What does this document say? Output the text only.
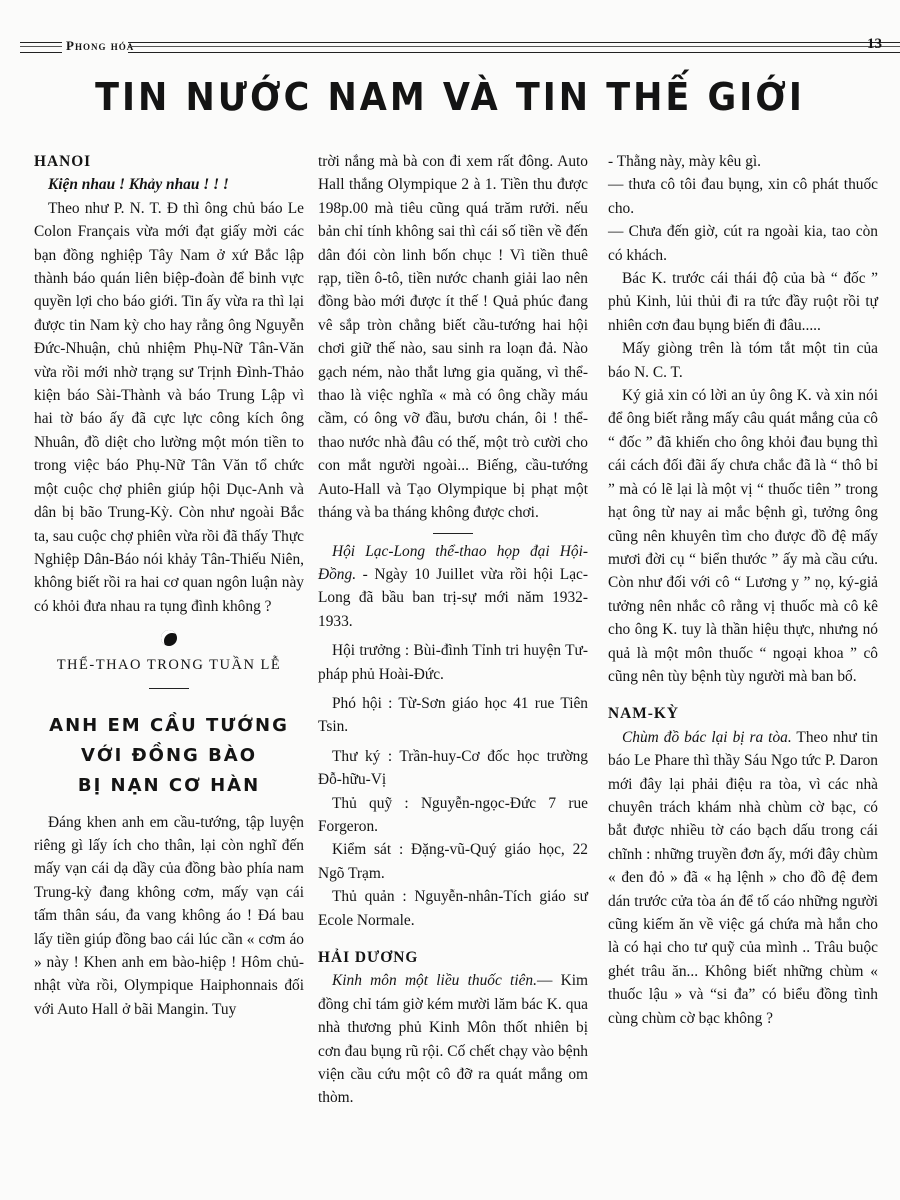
Phong hóa	13
TIN NƯỚC NAM VÀ TIN THẾ GIỚI

HANOI

Kiện nhau ! Khảy nhau ! ! !

Theo như P. N. T. Đ thì ông chủ báo Le Colon Français vừa mới đạt giấy mời các bạn đồng nghiệp Tây Nam ở xứ Bắc lập thành báo quán liên biệp-đoàn để binh vực quyền lợi cho báo giới. Tin ấy vừa ra thì lại được tin Nam kỳ cho hay rằng ông Nguyễn Đức-Nhuận, chủ nhiệm Phụ-Nữ Tân-Văn vừa rồi mới nhờ trạng sư Trịnh Đình-Thảo kiện báo Sài-Thành và báo Trung Lập vì hai tờ báo ấy đã cực lực công kích ông Nhuân, đồ diệt cho lường một món tiền to trong việc báo Phụ-Nữ Tân Văn tổ chức một cuộc chợ phiên giúp hội Dục-Anh và dân bị bão Trung-Kỳ. Còn như ngoài Bắc ta, sau cuộc chợ phiên vừa rồi đã thấy Thực Nghiệp Dân-Báo nói khảy Tân-Thiếu Niên, không biết rồi ra hai cơ quan ngôn luận này có khỏi đưa nhau ra tụng đình không ?

THỂ-THAO TRONG TUẦN LỄ

ANH EM CẦU TƯỚNG
VỚI ĐỒNG BÀO
BỊ NẠN CƠ HÀN

Đáng khen anh em cầu-tướng, tập luyện riêng gì lấy ích cho thân, lại còn nghĩ đến mấy vạn cái dạ dầy của đồng bào phía nam Trung-kỳ đang không cơm, mấy vạn cái tấm thân sáu, đa vang không áo ! Đá bau lấy tiền giúp đồng bao cái lúc cần « cơm áo » này ! Khen anh em bào-hiệp ! Hôm chủ-nhật vừa rồi, Olympique Haiphonnais đối với Auto Hall ở bãi Mangin. Tuy

trời nắng mà bà con đi xem rất đông. Auto Hall thắng Olympique 2 à 1. Tiền thu được 198p.00 mà tiêu cũng quá trăm rưởi. nếu bản chỉ tính không sai thì cái số tiền về đến dân đói còn linh bốn chục ! Vì tiền thuê rạp, tiền ô-tô, tiền nước chanh giải lao nên đồng bào mới được ít thế ! Quả phúc đang vê sắp tròn chẳng biết cầu-tướng hai hội chơi giữ thế nào, sau sinh ra loạn đả. Nào gạch ném, nào thắt lưng gia quăng, vì thể-thao là việc nghĩa « mà có ông chầy máu cầm, có ông vỡ đầu, bươu chán, ôi ! thể-thao nước nhà đâu có thế, một trò cười cho con mắt người ngoài... Biếng, cầu-tướng Auto-Hall và Tạo Olympique bị phạt một tháng và ba tháng không được chơi.

Hội Lạc-Long thể-thao họp đại Hội-Đồng. - Ngày 10 Juillet vừa rồi hội Lạc-Long đã bầu ban trị-sự mới năm 1932-1933.

Hội trưởng : Bùi-đình Tỉnh tri huyện Tư-pháp phủ Hoài-Đức.

Phó hội : Từ-Sơn giáo học 41 rue Tiên Tsin.

Thư ký : Trần-huy-Cơ đốc học trường Đỗ-hữu-Vị

Thủ quỹ : Nguyễn-ngọc-Đức 7 rue Forgeron.

Kiểm sát : Đặng-vũ-Quý giáo học, 22 Ngõ Trạm.

Thủ quản : Nguyễn-nhân-Tích giáo sư Ecole Normale.

HẢI DƯƠNG

Kinh môn một liều thuốc tiên.— Kim đồng chỉ tám giờ kém mười lăm bác K. qua nhà thương phủ Kinh Môn thốt nhiên bị cơn đau bụng rũ rội. Cố chết chạy vào bệnh viện cầu cứu một cô đỡ ra quát mắng om thòm.

- Thằng này, mày kêu gì.

— thưa cô tôi đau bụng, xin cô phát thuốc cho.

— Chưa đến giờ, cút ra ngoài kia, tao còn có khách.

Bác K. trước cái thái độ của bà “ đốc ” phủ Kinh, lủi thủi đi ra tức đầy ruột rồi tự nhiên cơn đau bụng biến đi đâu.....

Mấy giòng trên là tóm tắt một tin của báo N. C. T.

Ký giả xin có lời an ủy ông K. và xin nói để ông biết rằng mấy câu quát mắng của cô “ đốc ” đã khiến cho ông khỏi đau bụng thì cái cách đối đãi ấy chưa chắc đã là “ thô bỉ ” mà có lẽ lại là một vị “ thuốc tiên ” trong hạt ông từ nay ai mắc bệnh gì, tưởng ông cũng nên khuyên tìm cho được đồ đệ mấy mươi đời cụ “ biển thước ” ấy mà cầu cứu. Còn như đối với cô “ Lương y ” nọ, ký-giả tưởng nên nhắc cô rằng vị thuốc mà cô kê cho ông K. tuy là thần hiệu thực, nhưng nó quả là một môn thuốc “ ngoại khoa ” cô cũng nên tùy bệnh tùy người mà ban bố.

NAM-KỲ

Chùm đồ bác lại bị ra tòa. Theo như tin báo Le Phare thì thầy Sáu Ngo tức P. Daron mới đây lại phải điệu ra tòa, vì các nhà chuyên trách khám nhà chùm cờ bạc, có bắt được nhiều tờ cáo bạch dấu trong cái chĩnh : những truyền đơn ấy, mới đây chùm « đen đỏ » đã « hạ lệnh » cho đồ đệ đem dán trước cửa tòa án để tố cáo những người cũng kiếm ăn về việc gá chứa mà hắn cho là có hại cho tư quỹ của mình .. Trâu buộc ghét trâu ăn... Không biết những chùm « thuốc lậu » và “si đa” có biểu đồng tình cùng chùm cờ bạc không ?
